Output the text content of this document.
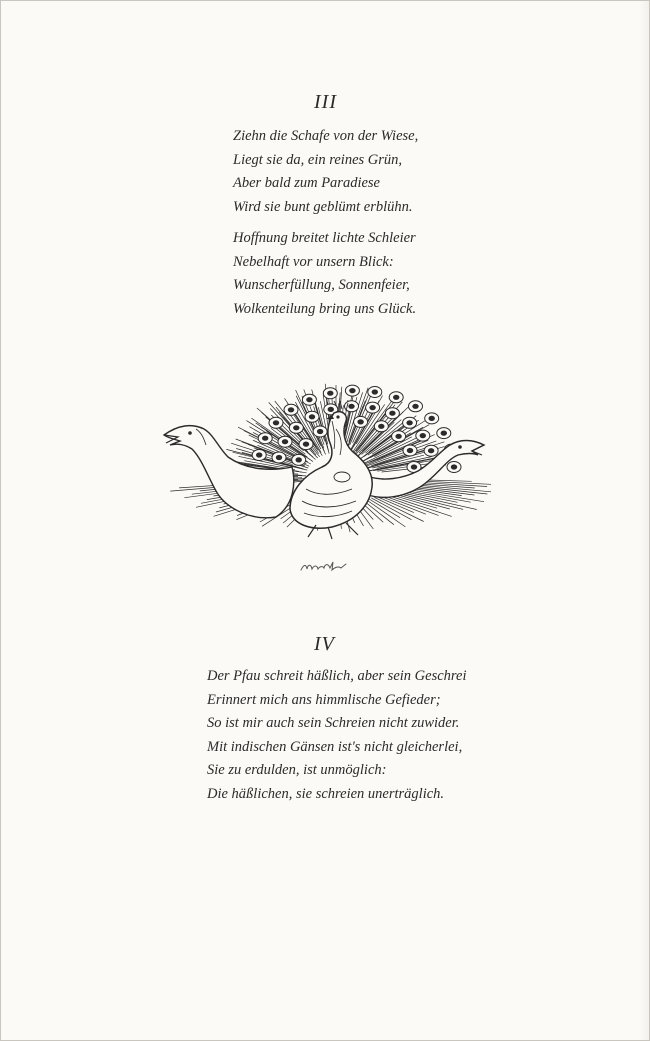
III
Ziehn die Schafe von der Wiese,
Liegt sie da, ein reines Grün,
Aber bald zum Paradiese
Wird sie bunt geblümt erblühn.
Hoffnung breitet lichte Schleier
Nebelhaft vor unsern Blick:
Wunscherfüllung, Sonnenfeier,
Wolkenteilung bring uns Glück.
IV
Der Pfau schreit häßlich, aber sein Geschrei
Erinnert mich ans himmlische Gefieder;
So ist mir auch sein Schreien nicht zuwider.
Mit indischen Gänsen ist's nicht gleicherlei,
Sie zu erdulden, ist unmöglich:
Die häßlichen, sie schreien unerträglich.
